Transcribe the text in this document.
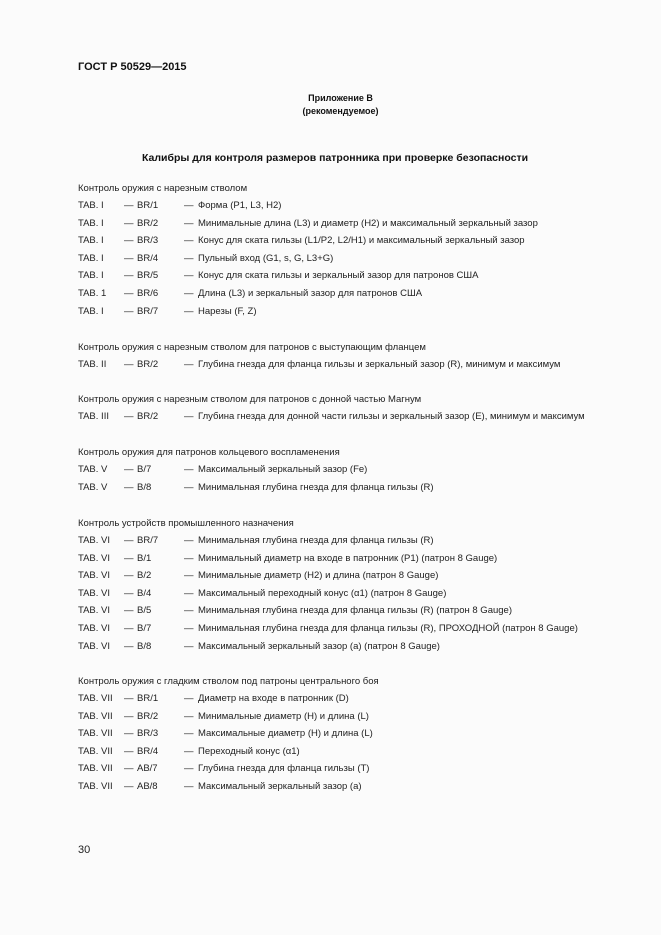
ГОСТ Р 50529—2015
Приложение В
(рекомендуемое)
Калибры для контроля размеров патронника при проверке безопасности
Контроль оружия с нарезным стволом
TAB. I — BR/1	— Форма (P1, L3, H2)
TAB. I — BR/2	— Минимальные длина (L3) и диаметр (H2) и максимальный зеркальный зазор
TAB. I — BR/3	— Конус для ската гильзы (L1/P2, L2/H1) и максимальный зеркальный зазор
TAB. I — BR/4	— Пульный вход (G1, s, G, L3+G)
TAB. I — BR/5	— Конус для ската гильзы и зеркальный зазор для патронов США
TAB. 1 — BR/6	— Длина (L3) и зеркальный зазор для патронов США
TAB. I — BR/7	— Нарезы (F, Z)
Контроль оружия с нарезным стволом для патронов с выступающим фланцем
TAB. II — BR/2	— Глубина гнезда для фланца гильзы и зеркальный зазор (R), минимум и максимум
Контроль оружия с нарезным стволом для патронов с донной частью Магнум
TAB. III — BR/2	— Глубина гнезда для донной части гильзы и зеркальный зазор (E), минимум и максимум
Контроль оружия для патронов кольцевого воспламенения
TAB. V — B/7	— Максимальный зеркальный зазор (Fe)
TAB. V — B/8	— Минимальная глубина гнезда для фланца гильзы (R)
Контроль устройств промышленного назначения
TAB. VI — BR/7	— Минимальная глубина гнезда для фланца гильзы (R)
TAB. VI — B/1	— Минимальный диаметр на входе в патронник (P1) (патрон 8 Gauge)
TAB. VI — B/2	— Минимальные диаметр (H2) и длина (патрон 8 Gauge)
TAB. VI — B/4	— Максимальный переходный конус (α1) (патрон 8 Gauge)
TAB. VI — B/5	— Минимальная глубина гнезда для фланца гильзы (R) (патрон 8 Gauge)
TAB. VI — B/7	— Минимальная глубина гнезда для фланца гильзы (R), ПРОХОДНОЙ (патрон 8 Gauge)
TAB. VI — B/8	— Максимальный зеркальный зазор (a) (патрон 8 Gauge)
Контроль оружия с гладким стволом под патроны центрального боя
TAB. VII — BR/1	— Диаметр на входе в патронник (D)
TAB. VII — BR/2	— Минимальные диаметр (H) и длина (L)
TAB. VII — BR/3	— Максимальные диаметр (H) и длина (L)
TAB. VII — BR/4	— Переходный конус (α1)
TAB. VII — AB/7	— Глубина гнезда для фланца гильзы (T)
TAB. VII — AB/8	— Максимальный зеркальный зазор (a)
30
